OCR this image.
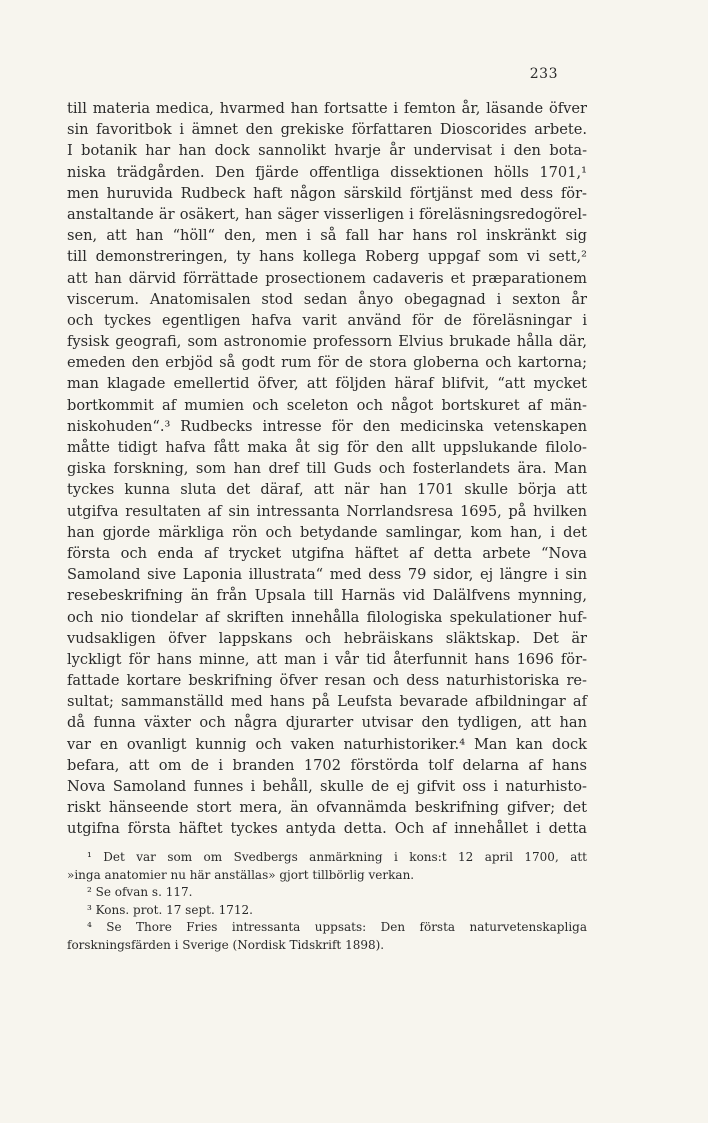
233
till materia medica, hvarmed han fortsatte i femton år, läsande öfver
sin favoritbok i ämnet den grekiske författaren Dioscorides arbete.
I botanik har han dock sannolikt hvarje år undervisat i den bota-
niska trädgården. Den fjärde offentliga dissektionen hölls 1701,¹
men huruvida Rudbeck haft någon särskild förtjänst med dess för-
anstaltande är osäkert, han säger visserligen i föreläsningsredogörel-
sen, att han “höll“ den, men i så fall har hans rol inskränkt sig
till demonstreringen, ty hans kollega Roberg uppgaf som vi sett,²
att han därvid förrättade prosectionem cadaveris et præparationem
viscerum. Anatomisalen stod sedan ånyo obegagnad i sexton år
och tyckes egentligen hafva varit använd för de föreläsningar i
fysisk geografi, som astronomie professorn Elvius brukade hålla där,
emeden den erbjöd så godt rum för de stora globerna och kartorna;
man klagade emellertid öfver, att följden häraf blifvit, “att mycket
bortkommit af mumien och sceleton och något bortskuret af män-
niskohuden“.³ Rudbecks intresse för den medicinska vetenskapen
måtte tidigt hafva fått maka åt sig för den allt uppslukande filolo-
giska forskning, som han dref till Guds och fosterlandets ära. Man
tyckes kunna sluta det däraf, att när han 1701 skulle börja att
utgifva resultaten af sin intressanta Norrlandsresa 1695, på hvilken
han gjorde märkliga rön och betydande samlingar, kom han, i det
första och enda af trycket utgifna häftet af detta arbete “Nova
Samoland sive Laponia illustrata“ med dess 79 sidor, ej längre i sin
resebeskrifning än från Upsala till Harnäs vid Dalälfvens mynning,
och nio tiondelar af skriften innehålla filologiska spekulationer huf-
vudsakligen öfver lappskans och hebräiskans släktskap. Det är
lyckligt för hans minne, att man i vår tid återfunnit hans 1696 för-
fattade kortare beskrifning öfver resan och dess naturhistoriska re-
sultat; sammanställd med hans på Leufsta bevarade afbildningar af
då funna växter och några djurarter utvisar den tydligen, att han
var en ovanligt kunnig och vaken naturhistoriker.⁴ Man kan dock
befara, att om de i branden 1702 förstörda tolf delarna af hans
Nova Samoland funnes i behåll, skulle de ej gifvit oss i naturhisto-
riskt hänseende stort mera, än ofvannämda beskrifning gifver; det
utgifna första häftet tyckes antyda detta. Och af innehållet i detta
¹ Det var som om Svedbergs anmärkning i kons:t 12 april 1700, att
»inga anatomier nu här anställas» gjort tillbörlig verkan.
² Se ofvan s. 117.
³ Kons. prot. 17 sept. 1712.
⁴ Se Thore Fries intressanta uppsats: Den första naturvetenskapliga
forskningsfärden i Sverige (Nordisk Tidskrift 1898).
